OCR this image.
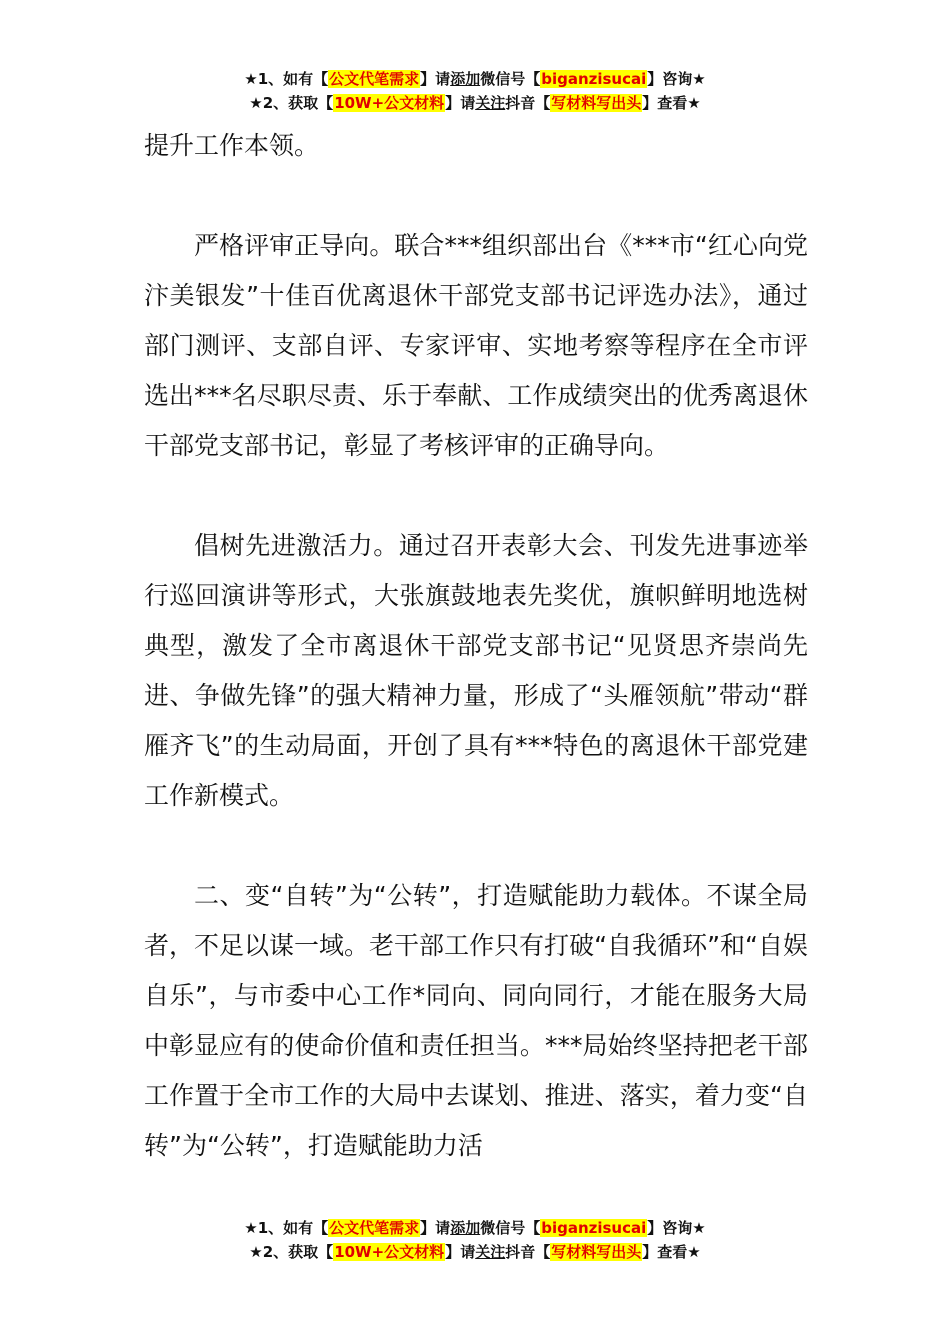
★1、如有【公文代笔需求】请添加微信号【biganzisucai】咨询★
★2、获取【10W+公文材料】请关注抖音【写材料写出头】查看★

提升工作本领。

严格评审正导向。联合***组织部出台《***市“红心向党 汴美银发”十佳百优离退休干部党支部书记评选办法》，通过部门测评、支部自评、专家评审、实地考察等程序在全市评选出***名尽职尽责、乐于奉献、工作成绩突出的优秀离退休干部党支部书记，彰显了考核评审的正确导向。

倡树先进激活力。通过召开表彰大会、刊发先进事迹举行巡回演讲等形式，大张旗鼓地表先奖优，旗帜鲜明地选树典型，激发了全市离退休干部党支部书记“见贤思齐崇尚先进、争做先锋”的强大精神力量，形成了“头雁领航”带动“群雁齐飞”的生动局面，开创了具有***特色的离退休干部党建工作新模式。

二、变“自转”为“公转”，打造赋能助力载体。不谋全局者，不足以谋一域。老干部工作只有打破“自我循环”和“自娱自乐”，与市委中心工作*同向、同向同行，才能在服务大局中彰显应有的使命价值和责任担当。***局始终坚持把老干部工作置于全市工作的大局中去谋划、推进、落实，着力变“自转”为“公转”，打造赋能助力活

★1、如有【公文代笔需求】请添加微信号【biganzisucai】咨询★
★2、获取【10W+公文材料】请关注抖音【写材料写出头】查看★
